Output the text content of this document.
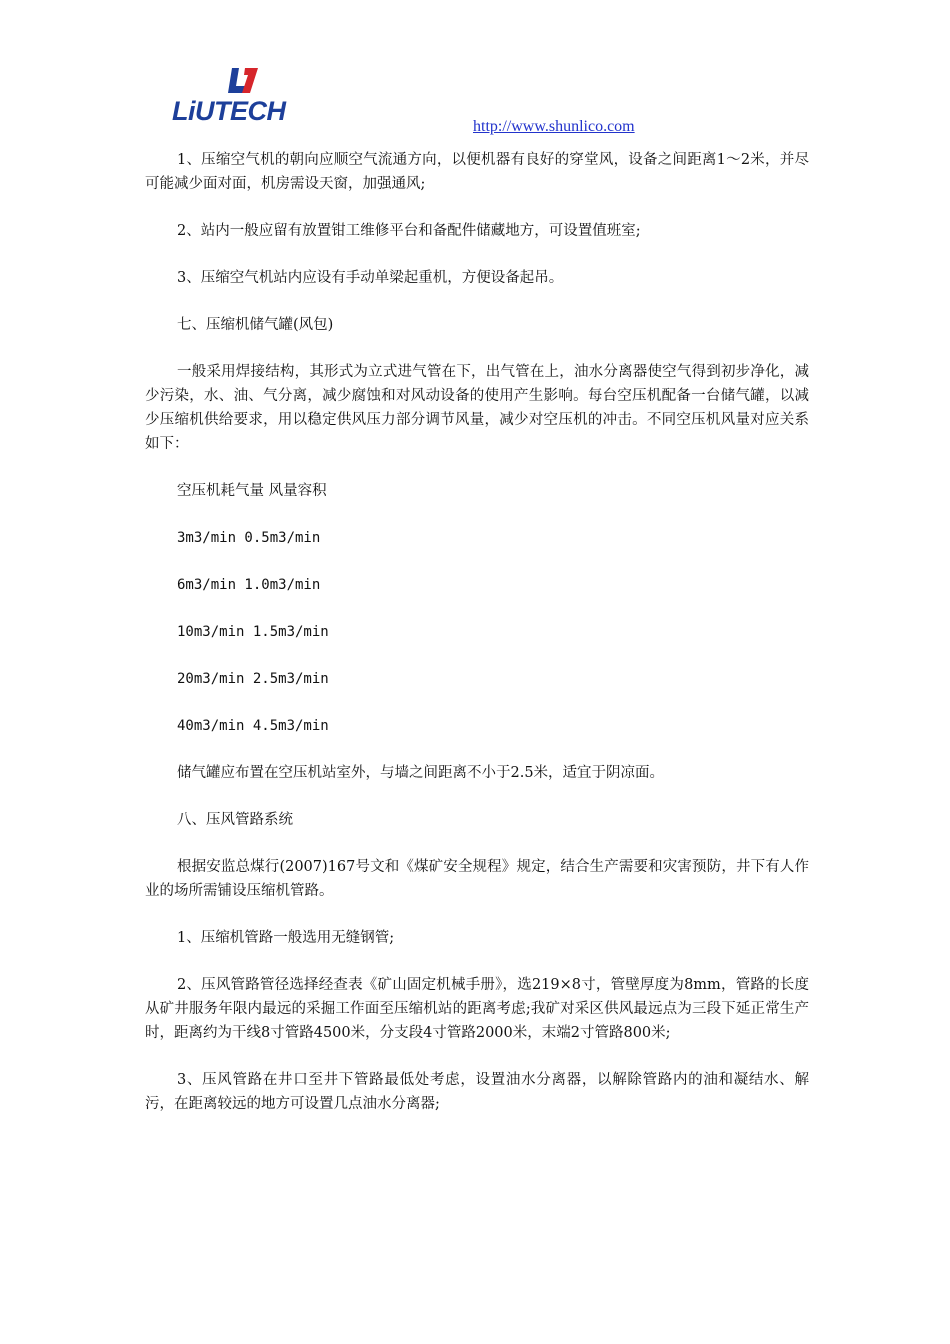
LiUTECH
http://www.shunlico.com

1、压缩空气机的朝向应顺空气流通方向，以便机器有良好的穿堂风，设备之间距离1～2米，并尽可能减少面对面，机房需设天窗，加强通风;

2、站内一般应留有放置钳工维修平台和备配件储藏地方，可设置值班室;

3、压缩空气机站内应设有手动单梁起重机，方便设备起吊。

七、压缩机储气罐(风包)

一般采用焊接结构，其形式为立式进气管在下，出气管在上，油水分离器使空气得到初步净化，减少污染，水、油、气分离，减少腐蚀和对风动设备的使用产生影响。每台空压机配备一台储气罐，以减少压缩机供给要求，用以稳定供风压力部分调节风量，减少对空压机的冲击。不同空压机风量对应关系如下：

空压机耗气量 风量容积

3m3/min 0.5m3/min

6m3/min 1.0m3/min

10m3/min 1.5m3/min

20m3/min 2.5m3/min

40m3/min 4.5m3/min

储气罐应布置在空压机站室外，与墙之间距离不小于2.5米，适宜于阴凉面。

八、压风管路系统

根据安监总煤行(2007)167号文和《煤矿安全规程》规定，结合生产需要和灾害预防，井下有人作业的场所需铺设压缩机管路。

1、压缩机管路一般选用无缝钢管;

2、压风管路管径选择经查表《矿山固定机械手册》，选219×8寸，管壁厚度为8mm，管路的长度从矿井服务年限内最远的采掘工作面至压缩机站的距离考虑;我矿对采区供风最远点为三段下延正常生产时，距离约为干线8寸管路4500米，分支段4寸管路2000米，末端2寸管路800米;

3、压风管路在井口至井下管路最低处考虑，设置油水分离器，以解除管路内的油和凝结水、解污，在距离较远的地方可设置几点油水分离器;
